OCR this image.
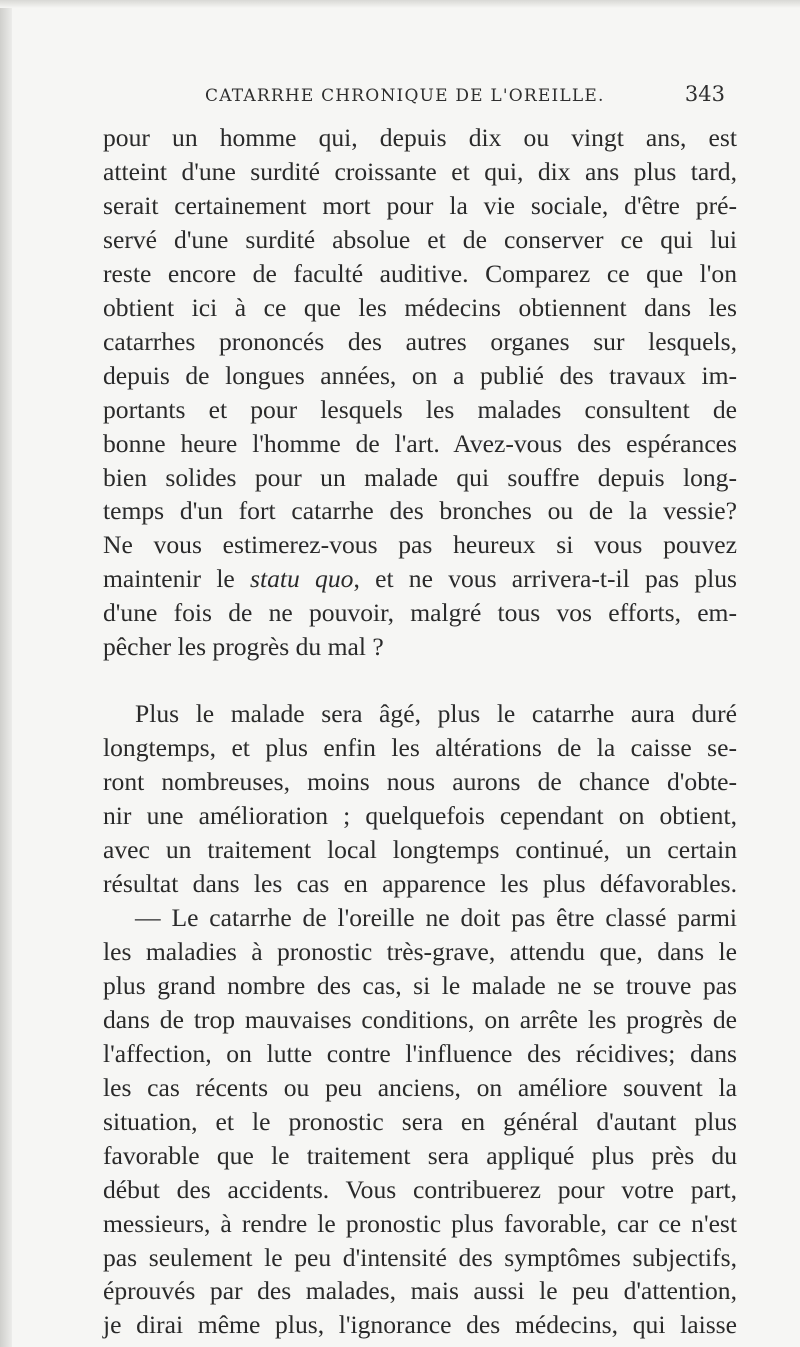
CATARRHE CHRONIQUE DE L'OREILLE.	343

pour un homme qui, depuis dix ou vingt ans, est

atteint d'une surdité croissante et qui, dix ans plus tard,

serait certainement mort pour la vie sociale, d'être pré-

servé d'une surdité absolue et de conserver ce qui lui

reste encore de faculté auditive. Comparez ce que l'on

obtient ici à ce que les médecins obtiennent dans les

catarrhes prononcés des autres organes sur lesquels,

depuis de longues années, on a publié des travaux im-

portants et pour lesquels les malades consultent de

bonne heure l'homme de l'art. Avez-vous des espérances

bien solides pour un malade qui souffre depuis long-

temps d'un fort catarrhe des bronches ou de la vessie?

Ne vous estimerez-vous pas heureux si vous pouvez

maintenir le statu quo, et ne vous arrivera-t-il pas plus

d'une fois de ne pouvoir, malgré tous vos efforts, em-

pêcher les progrès du mal ?

Plus le malade sera âgé, plus le catarrhe aura duré

longtemps, et plus enfin les altérations de la caisse se-

ront nombreuses, moins nous aurons de chance d'obte-

nir une amélioration ; quelquefois cependant on obtient,

avec un traitement local longtemps continué, un certain

résultat dans les cas en apparence les plus défavorables.

— Le catarrhe de l'oreille ne doit pas être classé parmi

les maladies à pronostic très-grave, attendu que, dans le

plus grand nombre des cas, si le malade ne se trouve pas

dans de trop mauvaises conditions, on arrête les progrès de

l'affection, on lutte contre l'influence des récidives; dans

les cas récents ou peu anciens, on améliore souvent la

situation, et le pronostic sera en général d'autant plus

favorable que le traitement sera appliqué plus près du

début des accidents. Vous contribuerez pour votre part,

messieurs, à rendre le pronostic plus favorable, car ce n'est

pas seulement le peu d'intensité des symptômes subjectifs,

éprouvés par des malades, mais aussi le peu d'attention,

je dirai même plus, l'ignorance des médecins, qui laisse
